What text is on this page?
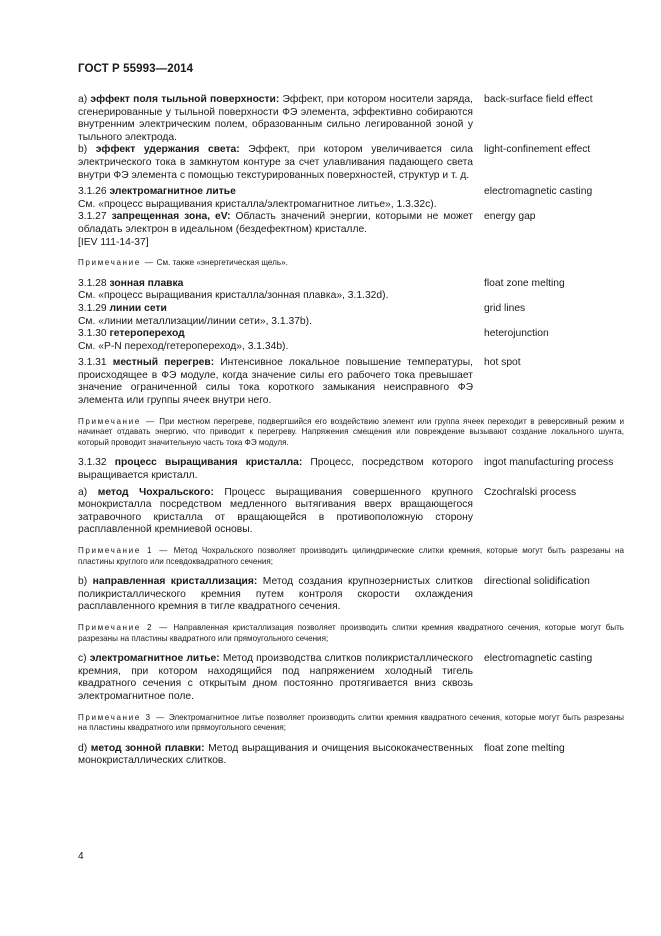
ГОСТ Р 55993—2014
a) эффект поля тыльной поверхности: Эффект, при котором носители заряда, сгенерированные у тыльной поверхности ФЭ элемента, эффективно собираются внутренним электрическим полем, образованным сильно легированной зоной у тыльного электрода.
back-surface field effect
b) эффект удержания света: Эффект, при котором увеличивается сила электрического тока в замкнутом контуре за счет улавливания падающего света внутри ФЭ элемента с помощью текстурированных поверхностей, структур и т. д.
light-confinement effect
3.1.26 электромагнитное литье
См. «процесс выращивания кристалла/электромагнитное литье», 1.3.32с).
electromagnetic casting
3.1.27 запрещенная зона, eV: Область значений энергии, которыми не может обладать электрон в идеальном (бездефектном) кристалле.
[IEV 111-14-37]
energy gap
Примечание — См. также «энергетическая щель».
3.1.28 зонная плавка
См. «процесс выращивания кристалла/зонная плавка», 3.1.32d).
float zone melting
3.1.29 линии сети
См. «линии металлизации/линии сети», 3.1.37b).
grid lines
3.1.30 гетеропереход
См. «P-N переход/гетеропереход», 3.1.34b).
heterojunction
3.1.31 местный перегрев: Интенсивное локальное повышение температуры, происходящее в ФЭ модуле, когда значение силы его рабочего тока превышает значение ограниченной силы тока короткого замыкания неисправного ФЭ элемента или группы ячеек внутри него.
hot spot
Примечание — При местном перегреве, подвергшийся его воздействию элемент или группа ячеек переходит в реверсивный режим и начинает отдавать энергию, что приводит к перегреву. Напряжения смещения или повреждение вызывают создание локального шунта, который проводит значительную часть тока ФЭ модуля.
3.1.32 процесс выращивания кристалла: Процесс, посредством которого выращивается кристалл.
ingot manufacturing process
a) метод Чохральского: Процесс выращивания совершенного крупного монокристалла посредством медленного вытягивания вверх вращающегося затравочного кристалла от вращающейся в противоположную сторону расплавленной кремниевой основы.
Czochralski process
Примечание 1 — Метод Чохральского позволяет производить цилиндрические слитки кремния, которые могут быть разрезаны на пластины круглого или псевдоквадратного сечения;
b) направленная кристаллизация: Метод создания крупнозернистых слитков поликристаллического кремния путем контроля скорости охлаждения расплавленного кремния в тигле квадратного сечения.
directional solidification
Примечание 2 — Направленная кристаллизация позволяет производить слитки кремния квадратного сечения, которые могут быть разрезаны на пластины квадратного или прямоугольного сечения;
c) электромагнитное литье: Метод производства слитков поликристаллического кремния, при котором находящийся под напряжением холодный тигель квадратного сечения с открытым дном постоянно протягивается вниз сквозь электромагнитное поле.
electromagnetic casting
Примечание 3 — Электромагнитное литье позволяет производить слитки кремния квадратного сечения, которые могут быть разрезаны на пластины квадратного или прямоугольного сечения;
d) метод зонной плавки: Метод выращивания и очищения высококачественных монокристаллических слитков.
float zone melting
4
